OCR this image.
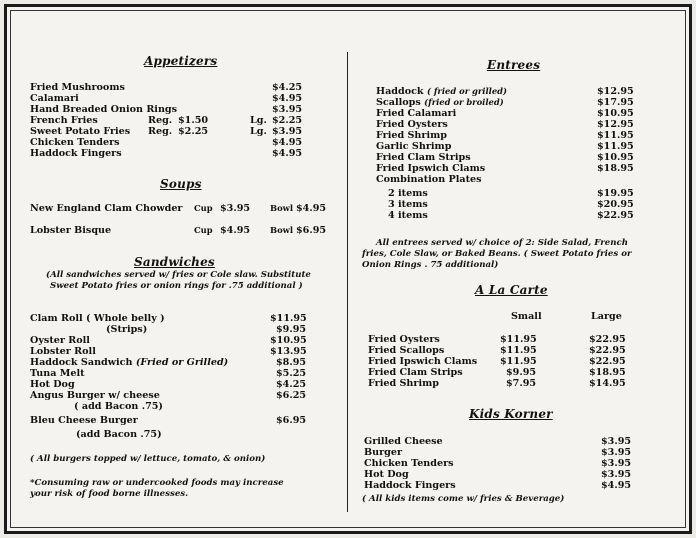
Appetizers
Fried Mushrooms	$4.25
Calamari	$4.95
Hand Breaded Onion Rings	$3.95
French Fries	Reg. $1.50	Lg. $2.25
Sweet Potato Fries Reg. $2.25	Lg. $3.95
Chicken Tenders	$4.95
Haddock Fingers	$4.95
Soups
New England Clam Chowder Cup $3.95 Bowl $4.95
Lobster Bisque	Cup $4.95 Bowl $6.95
Sandwiches
(All sandwiches served w/ fries or Cole slaw. Substitute
Sweet Potato fries or onion rings for .75 additional )
Clam Roll ( Whole belly )	$11.95
(Strips)	$9.95
Oyster Roll	$10.95
Lobster Roll	$13.95
Haddock Sandwich (Fried or Grilled)	$8.95
Tuna Melt	$5.25
Hot Dog	$4.25
Angus Burger w/ cheese	$6.25
( add Bacon .75)
Bleu Cheese Burger	$6.95
(add Bacon .75)
( All burgers topped w/ lettuce, tomato, & onion)
*Consuming raw or undercooked foods may increase
your risk of food borne illnesses.
Entrees
Haddock ( fried or grilled)	$12.95
Scallops (fried or broiled)	$17.95
Fried Calamari	$10.95
Fried Oysters	$12.95
Fried Shrimp	$11.95
Garlic Shrimp	$11.95
Fried Clam Strips	$10.95
Fried Ipswich Clams	$18.95
Combination Plates
2 items	$19.95
3 items	$20.95
4 items	$22.95
All entrees served w/ choice of 2: Side Salad, French
fries, Cole Slaw, or Baked Beans. ( Sweet Potato fries or
Onion Rings . 75 additional)
A La Carte
Small	Large
Fried Oysters	$11.95	$22.95
Fried Scallops	$11.95	$22.95
Fried Ipswich Clams $11.95	$22.95
Fried Clam Strips	$9.95	$18.95
Fried Shrimp	$7.95	$14.95
Kids Korner
Grilled Cheese	$3.95
Burger	$3.95
Chicken Tenders	$3.95
Hot Dog	$3.95
Haddock Fingers	$4.95
( All kids items come w/ fries & Beverage)
